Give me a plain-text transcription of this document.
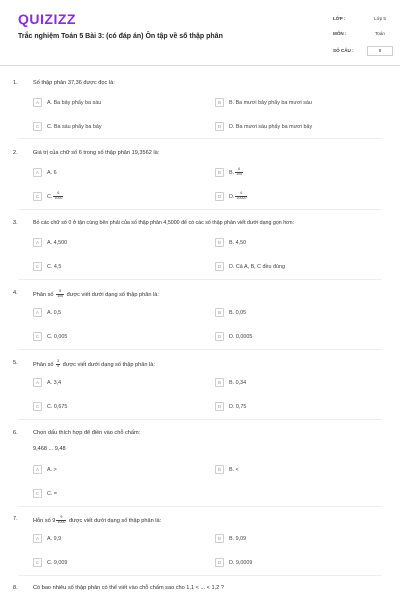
QUIZIZZ
Trắc nghiệm Toán 5 Bài 3: (có đáp án) Ôn tập về số thập phân
LỚP :	Lớp 5
MÔN :	Toán
SỐ CÂU :	8
1.	Số thập phân 37,36 được đọc là:
A	A. Ba bảy phẩy ba sáu	B	B. Ba mươi bảy phẩy ba mươi sáu
C	C. Ba sáu phẩy ba bảy	D	D. Ba mươi sáu phẩy ba mươi bảy
2.	Giá trị của chữ số 6 trong số thập phân 19,3562 là:
A	A. 6	B	B. $\frac{6}{100}$
C	C. $\frac{6}{1000}$	D	D. $\frac{6}{10000}$
3.	Bỏ các chữ số 0 ở tận cùng bên phải của số thập phân 4,5000 để có các số thập phân viết dưới dạng gọn hơn:
A	A. 4,500	B	B. 4,50
C	C. 4,5	D	D. Cả A, B, C đều đúng
4.	Phân số $\frac{5}{100}$ được viết dưới dạng số thập phân là:
A	A. 0,5	B	B. 0,05
C	C. 0,005	D	D. 0,0005
5.	Phân số $\frac{3}{4}$ được viết dưới dạng số thập phân là:
A	A. 3,4	B	B. 0,34
C	C. 0,675	D	D. 0,75
6.	Chọn dấu thích hợp để điền vào chỗ chấm:
9,468 ... 9,48
A	A. >	B	B. <
C	C. =
7.	Hỗn số $9 \frac{9}{1000}$ được viết dưới dạng số thập phân là:
A	A. 9,9	B	B. 9,09
C	C. 9,009	D	D. 9,0009
8.	Có bao nhiêu số thập phân có thể viết vào chỗ chấm sao cho 1,1 < ... < 1,2 ?
